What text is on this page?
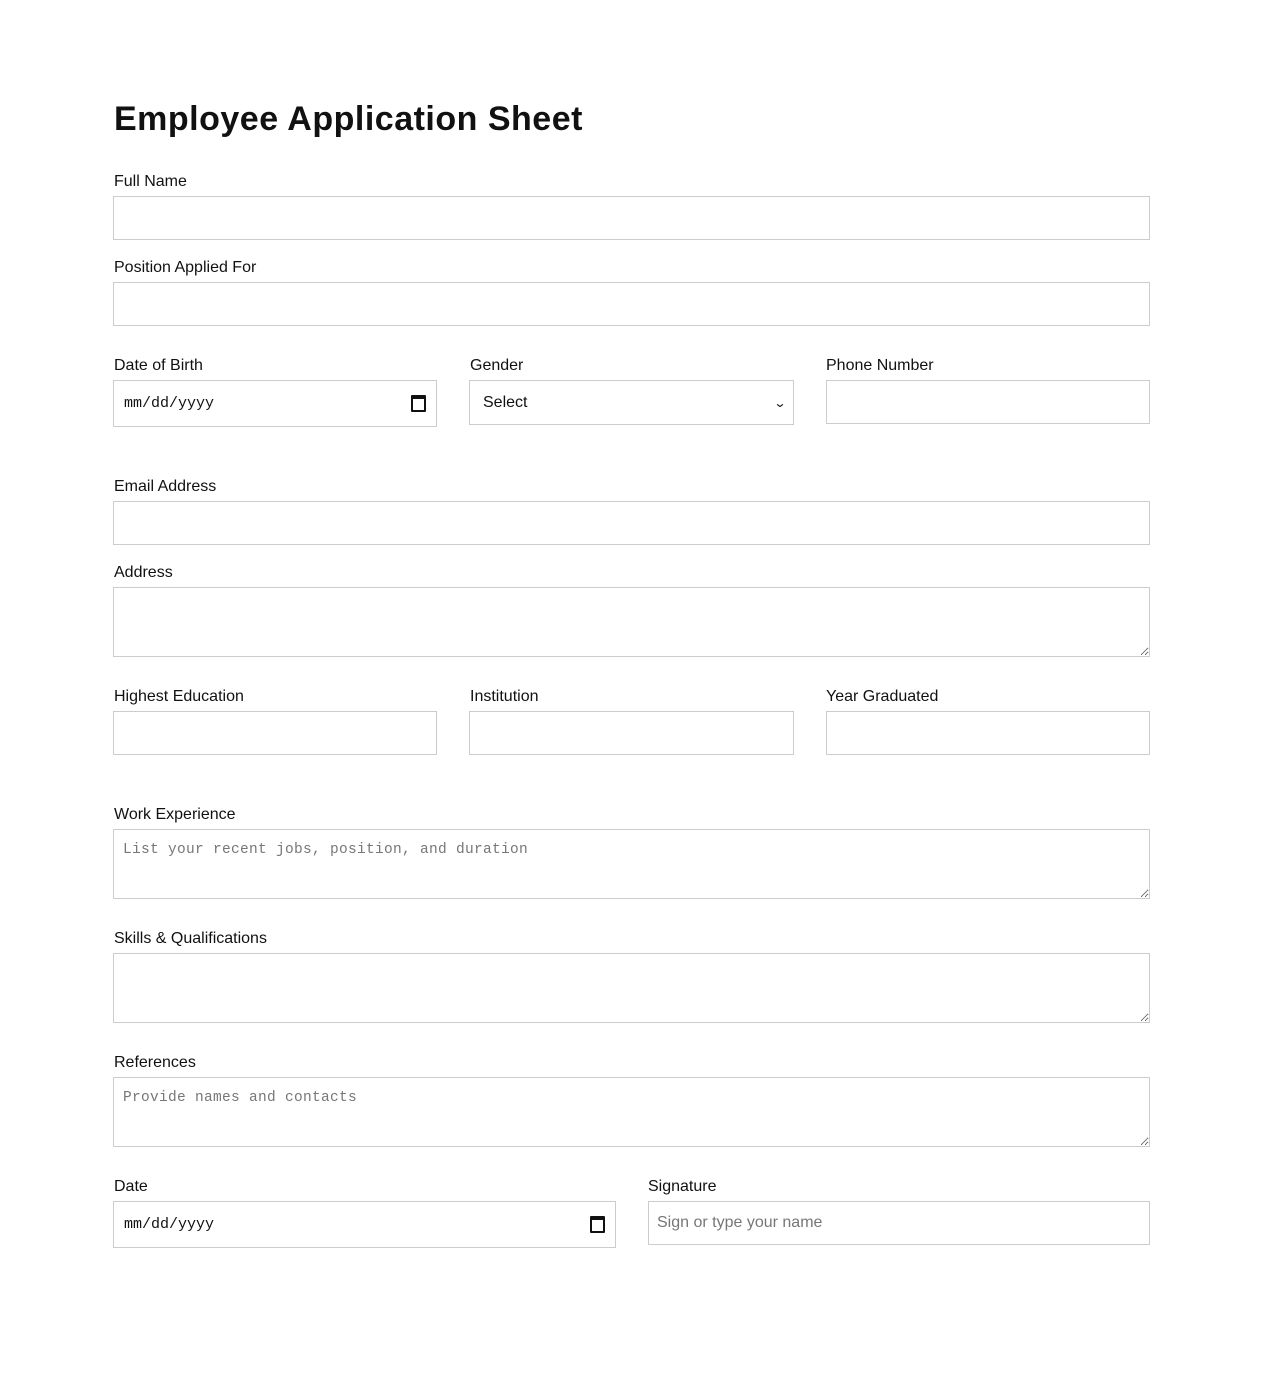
Employee Application Sheet
Full Name
Position Applied For
Date of Birth
mm/dd/yyyy
Gender
Select	⌄
Phone Number
Email Address
Address
Highest Education	Institution	Year Graduated
Work Experience
List your recent jobs, position, and duration
Skills & Qualifications
References
Provide names and contacts
Date
mm/dd/yyyy
Signature
Sign or type your name
